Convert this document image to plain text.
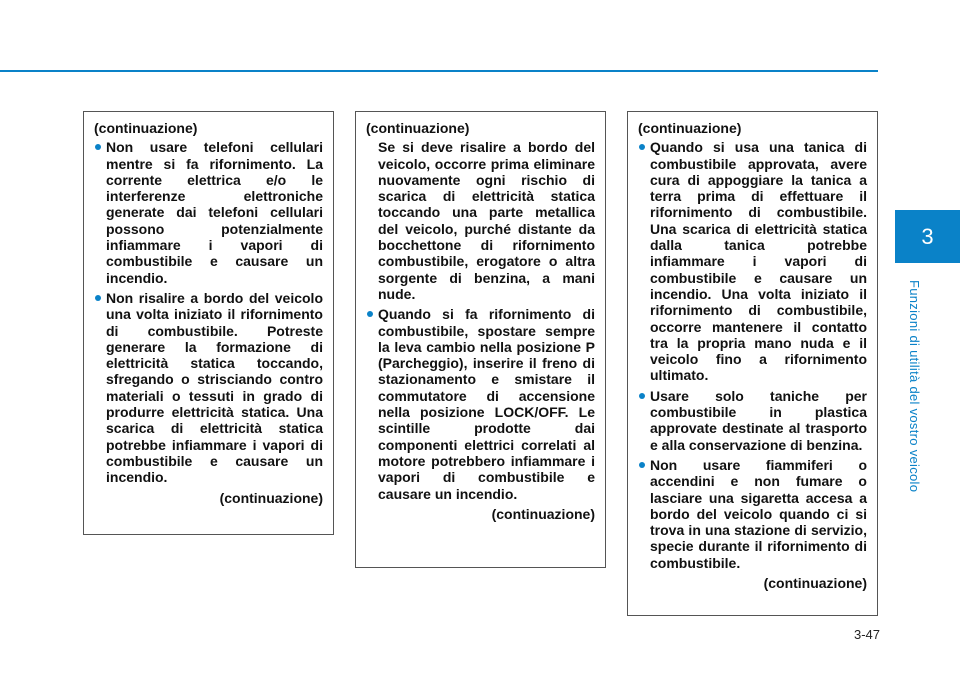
3
Funzioni di utilità del vostro veicolo
(continuazione)
Non usare telefoni cellulari mentre si fa rifornimento. La corrente elettrica e/o le interferenze elettroniche generate dai telefoni cellulari possono potenzialmente infiammare i vapori di combustibile e causare un incendio.
Non risalire a bordo del veicolo una volta iniziato il rifornimento di combustibile. Potreste generare la formazione di elettricità statica toccando, sfregando o strisciando contro materiali o tessuti in grado di produrre elettricità statica. Una scarica di elettricità statica potrebbe infiammare i vapori di combustibile e causare un incendio.
(continuazione)
(continuazione)
Se si deve risalire a bordo del veicolo, occorre prima eliminare nuovamente ogni rischio di scarica di elettricità statica toccando una parte metallica del veicolo, purché distante da bocchettone di rifornimento combustibile, erogatore o altra sorgente di benzina, a mani nude.
Quando si fa rifornimento di combustibile, spostare sempre la leva cambio nella posizione P (Parcheggio), inserire il freno di stazionamento e smistare il commutatore di accensione nella posizione LOCK/OFF. Le scintille prodotte dai componenti elettrici correlati al motore potrebbero infiammare i vapori di combustibile e causare un incendio.
(continuazione)
(continuazione)
Quando si usa una tanica di combustibile approvata, avere cura di appoggiare la tanica a terra prima di effettuare il rifornimento di combustibile. Una scarica di elettricità statica dalla tanica potrebbe infiammare i vapori di combustibile e causare un incendio. Una volta iniziato il rifornimento di combustibile, occorre mantenere il contatto tra la propria mano nuda e il veicolo fino a rifornimento ultimato.
Usare solo taniche per combustibile in plastica approvate destinate al trasporto e alla conservazione di benzina.
Non usare fiammiferi o accendini e non fumare o lasciare una sigaretta accesa a bordo del veicolo quando ci si trova in una stazione di servizio, specie durante il rifornimento di combustibile.
(continuazione)
3-47
